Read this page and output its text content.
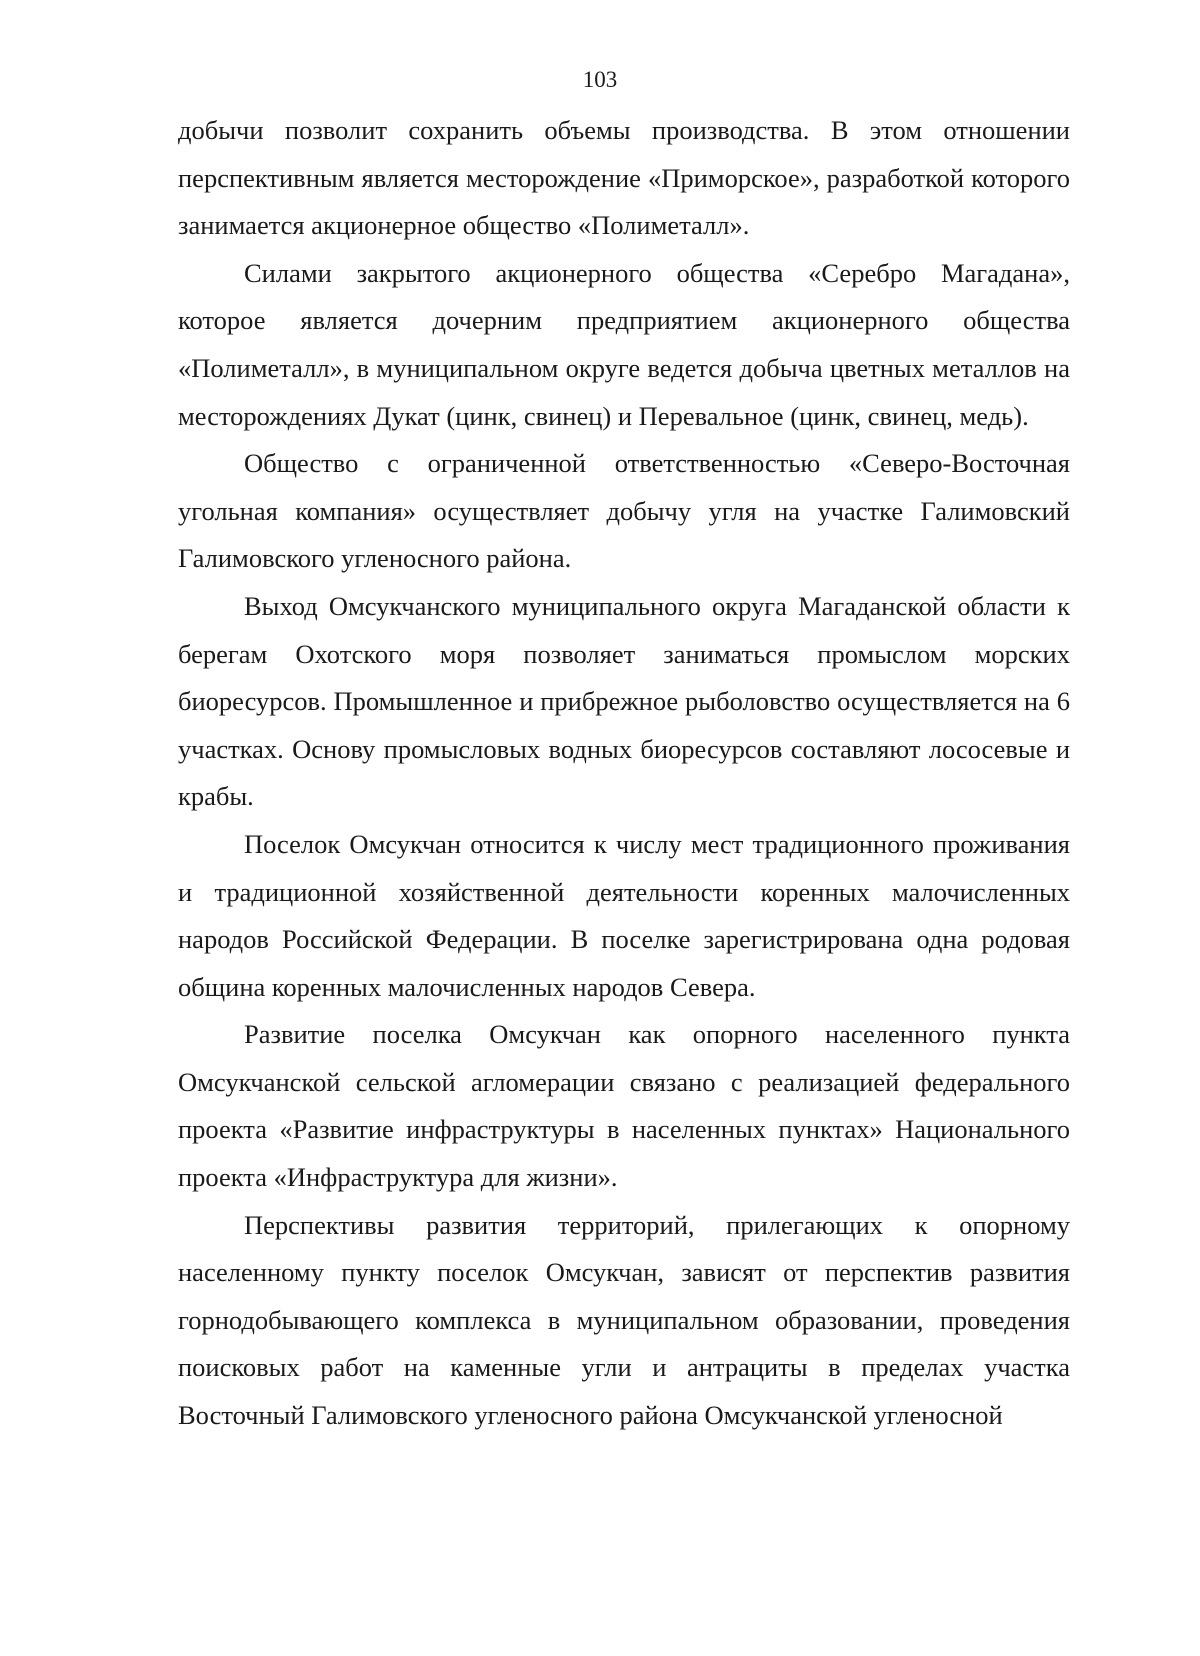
103

добычи позволит сохранить объемы производства. В этом отношении перспективным является месторождение «Приморское», разработкой которого занимается акционерное общество «Полиметалл».

Силами закрытого акционерного общества «Серебро Магадана», которое является дочерним предприятием акционерного общества «Полиметалл», в муниципальном округе ведется добыча цветных металлов на месторождениях Дукат (цинк, свинец) и Перевальное (цинк, свинец, медь).

Общество с ограниченной ответственностью «Северо-Восточная угольная компания» осуществляет добычу угля на участке Галимовский Галимовского угленосного района.

Выход Омсукчанского муниципального округа Магаданской области к берегам Охотского моря позволяет заниматься промыслом морских биоресурсов. Промышленное и прибрежное рыболовство осуществляется на 6 участках. Основу промысловых водных биоресурсов составляют лососевые и крабы.

Поселок Омсукчан относится к числу мест традиционного проживания и традиционной хозяйственной деятельности коренных малочисленных народов Российской Федерации. В поселке зарегистрирована одна родовая община коренных малочисленных народов Севера.

Развитие поселка Омсукчан как опорного населенного пункта Омсукчанской сельской агломерации связано с реализацией федерального проекта «Развитие инфраструктуры в населенных пунктах» Национального проекта «Инфраструктура для жизни».

Перспективы развития территорий, прилегающих к опорному населенному пункту поселок Омсукчан, зависят от перспектив развития горнодобывающего комплекса в муниципальном образовании, проведения поисковых работ на каменные угли и антрациты в пределах участка Восточный Галимовского угленосного района Омсукчанской угленосной
